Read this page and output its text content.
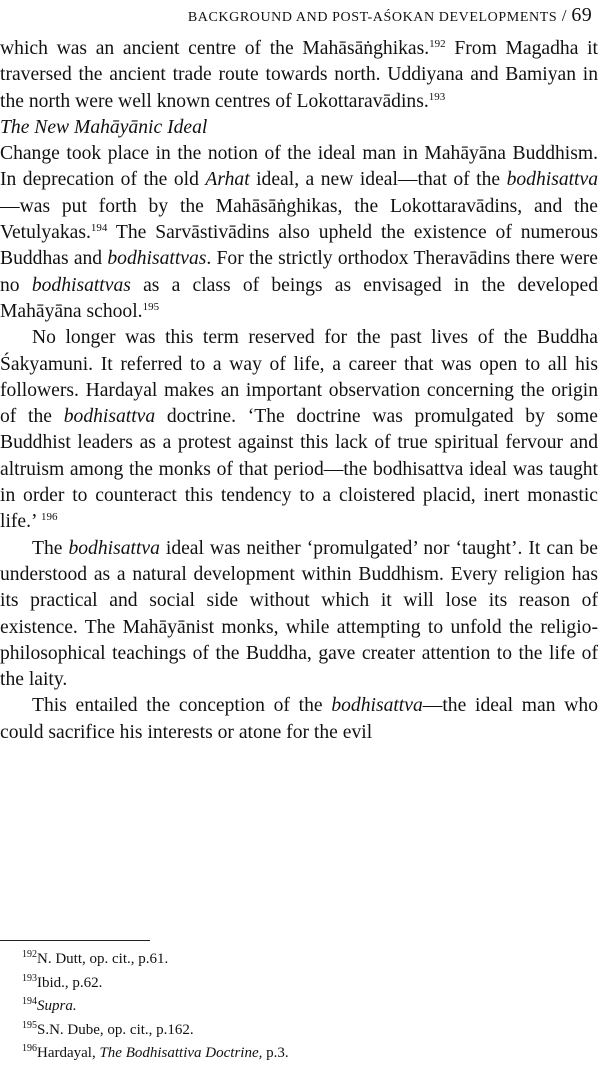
BACKGROUND AND POST-AŚOKAN DEVELOPMENTS / 69

which was an ancient centre of the Mahāsāṅghikas.$^{192}$ From Magadha it traversed the ancient trade route towards north. Uddiyana and Bamiyan in the north were well known centres of Lokottaravādins.$^{193}$

The New Mahāyānic Ideal

Change took place in the notion of the ideal man in Mahāyāna Buddhism. In deprecation of the old Arhat ideal, a new ideal—that of the bodhisattva—was put forth by the Mahāsāṅghikas, the Lokottaravādins, and the Vetulyakas.$^{194}$ The Sarvāstivādins also upheld the existence of numerous Buddhas and bodhisattvas. For the strictly orthodox Theravādins there were no bodhisattvas as a class of beings as envisaged in the developed Mahāyāna school.$^{195}$

No longer was this term reserved for the past lives of the Buddha Śakyamuni. It referred to a way of life, a career that was open to all his followers. Hardayal makes an important observation concerning the origin of the bodhisattva doctrine. ‘The doctrine was promulgated by some Buddhist leaders as a protest against this lack of true spiritual fervour and altruism among the monks of that period—the bodhisattva ideal was taught in order to counteract this tendency to a cloistered placid, inert monastic life.’ $^{196}$

The bodhisattva ideal was neither ‘promulgated’ nor ‘taught’. It can be understood as a natural development within Buddhism. Every religion has its practical and social side without which it will lose its reason of existence. The Mahāyānist monks, while attempting to unfold the religio-philosophical teachings of the Buddha, gave creater attention to the life of the laity.

This entailed the conception of the bodhisattva—the ideal man who could sacrifice his interests or atone for the evil

$^{192}$N. Dutt, op. cit., p.61.

$^{193}$Ibid., p.62.

$^{194}$Supra.

$^{195}$S.N. Dube, op. cit., p.162.

$^{196}$Hardayal, The Bodhisattiva Doctrine, p.3.
